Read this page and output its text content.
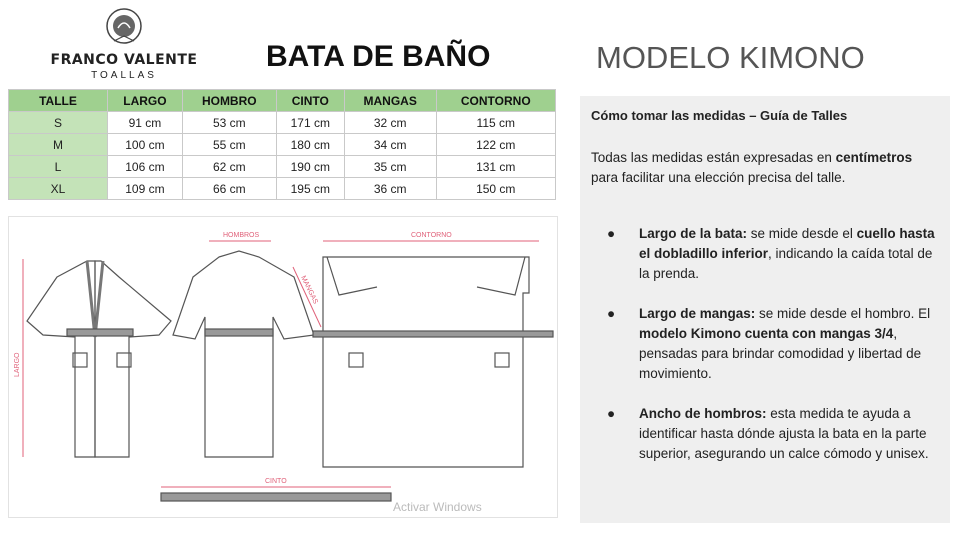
FRANCO VALENTE
TOALLAS
BATA DE BAÑO	MODELO KIMONO
TALLE	LARGO	HOMBRO	CINTO	MANGAS	CONTORNO
S	91 cm	53 cm	171 cm	32 cm	115 cm
M	100 cm	55 cm	180 cm	34 cm	122 cm
L	106 cm	62 cm	190 cm	35 cm	131 cm
XL	109 cm	66 cm	195 cm	36 cm	150 cm
LARGO
HOMBROS
MANGAS
CONTORNO
CINTO
Activar Windows
Cómo tomar las medidas – Guía de Talles

Todas las medidas están expresadas en centímetros para facilitar una elección precisa del talle.

● Largo de la bata: se mide desde el cuello hasta el dobladillo inferior, indicando la caída total de la prenda.
● Largo de mangas: se mide desde el hombro. El modelo Kimono cuenta con mangas 3/4, pensadas para brindar comodidad y libertad de movimiento.
● Ancho de hombros: esta medida te ayuda a identificar hasta dónde ajusta la bata en la parte superior, asegurando un calce cómodo y unisex.
